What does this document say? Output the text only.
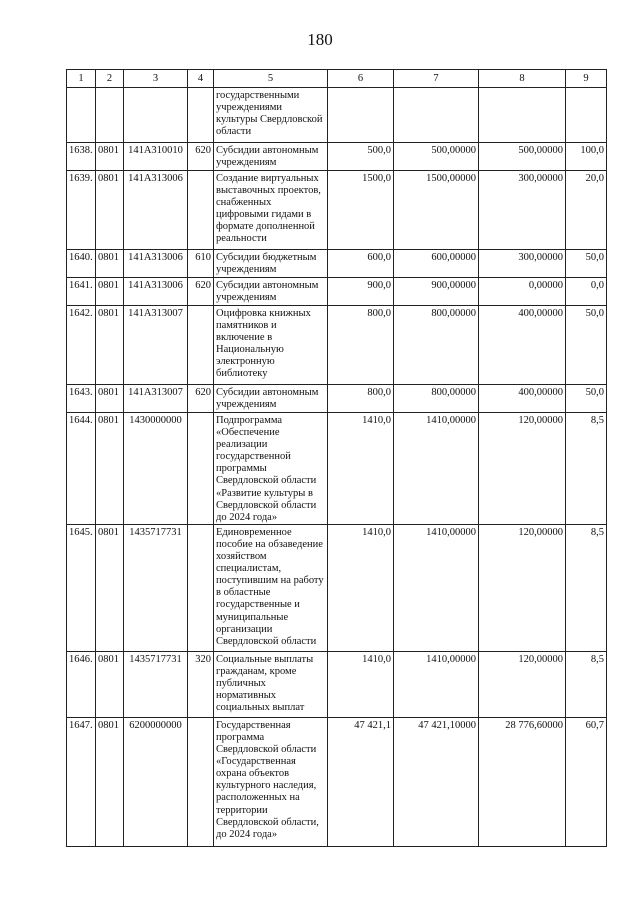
180
1	2	3	4	5	6	7	8	9
				государственными учреждениями культуры Свердловской области				
1638.	0801	141A310010	620	Субсидии автономным учреждениям	500,0	500,00000	500,00000	100,0
1639.	0801	141A313006		Создание виртуальных выставочных проектов, снабженных цифровыми гидами в формате дополненной реальности	1500,0	1500,00000	300,00000	20,0
1640.	0801	141A313006	610	Субсидии бюджетным учреждениям	600,0	600,00000	300,00000	50,0
1641.	0801	141A313006	620	Субсидии автономным учреждениям	900,0	900,00000	0,00000	0,0
1642.	0801	141A313007		Оцифровка книжных памятников и включение в Национальную электронную библиотеку	800,0	800,00000	400,00000	50,0
1643.	0801	141A313007	620	Субсидии автономным учреждениям	800,0	800,00000	400,00000	50,0
1644.	0801	1430000000		Подпрограмма «Обеспечение реализации государственной программы Свердловской области «Развитие культуры в Свердловской области до 2024 года»	1410,0	1410,00000	120,00000	8,5
1645.	0801	1435717731		Единовременное пособие на обзаведение хозяйством специалистам, поступившим на работу в областные государственные и муниципальные организации Свердловской области	1410,0	1410,00000	120,00000	8,5
1646.	0801	1435717731	320	Социальные выплаты гражданам, кроме публичных нормативных социальных выплат	1410,0	1410,00000	120,00000	8,5
1647.	0801	6200000000		Государственная программа Свердловской области «Государственная охрана объектов культурного наследия, расположенных на территории Свердловской области, до 2024 года»	47 421,1	47 421,10000	28 776,60000	60,7
